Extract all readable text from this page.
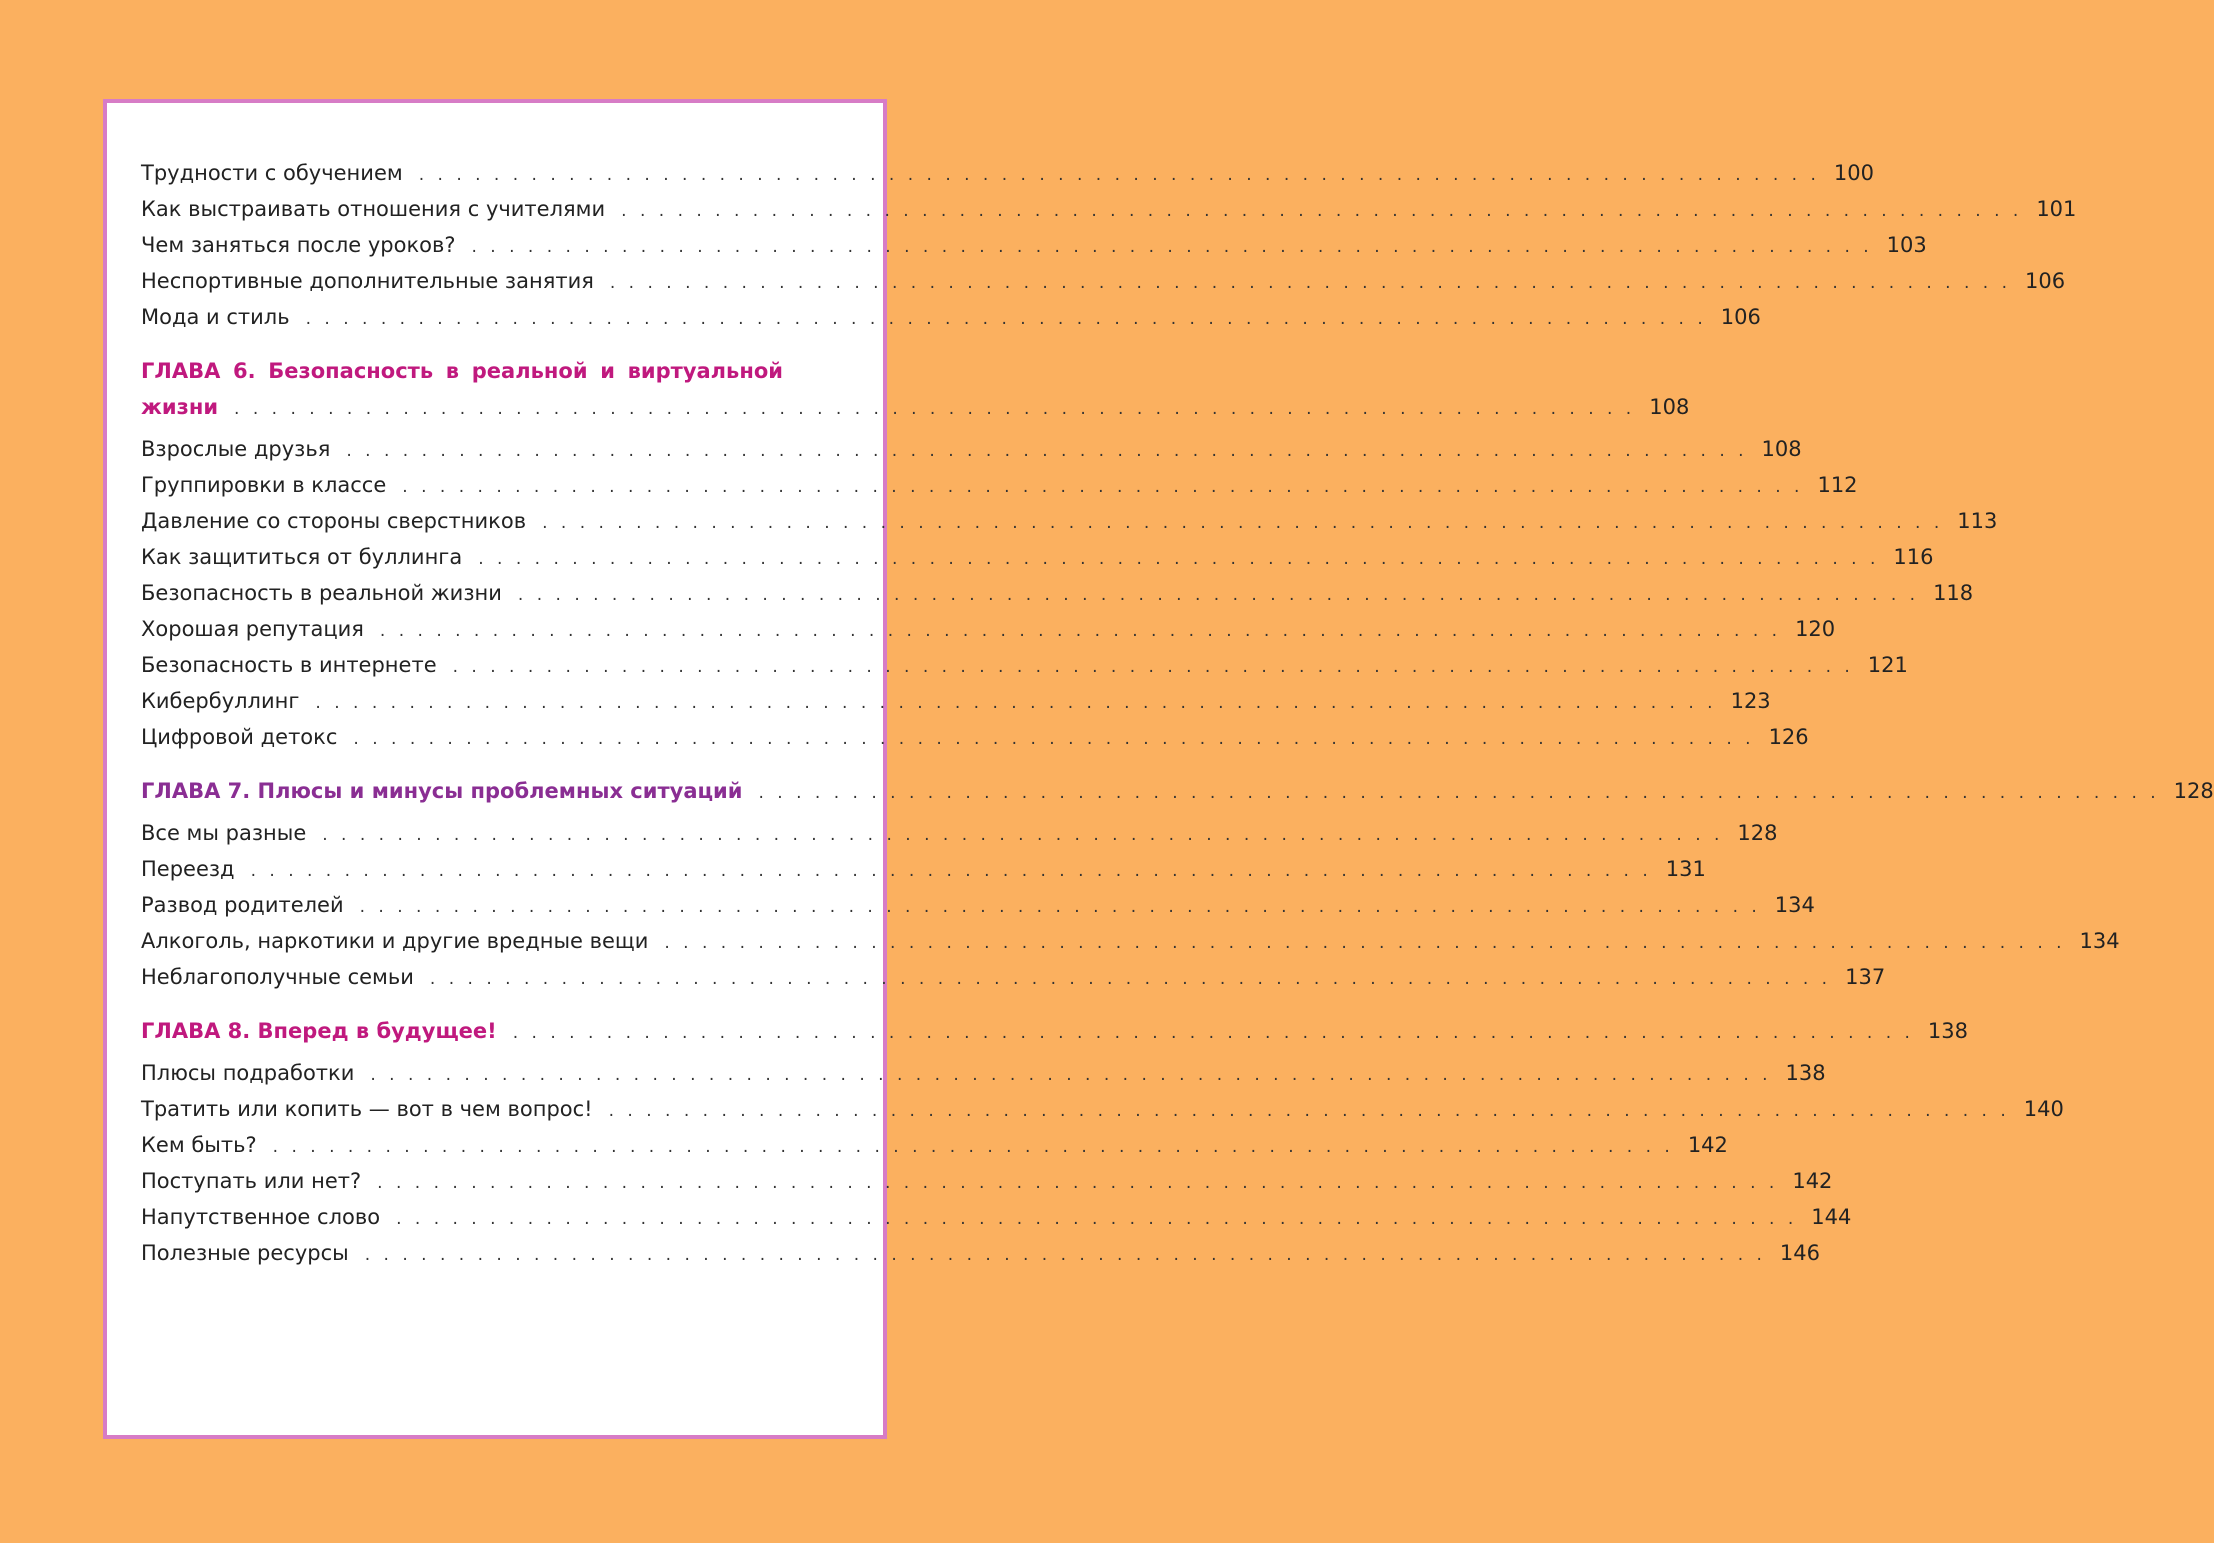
Трудности с обучением . . . . . . . . . . . . . . . . . . . . . . . . . . . . . . . . . . . . . . . . . . . . . . . . . . . . . . . . . . . . . . . . . . . . . . . . . . . 100
Как выстраивать отношения с учителями . . . . . . . . . . . . . . . . . . . . . . . . . . . . . . . . . . . . . . . . . . . . . . . . . . . . . . . . . . . . . . . . . . . . . . . . . . . 101
Чем заняться после уроков? . . . . . . . . . . . . . . . . . . . . . . . . . . . . . . . . . . . . . . . . . . . . . . . . . . . . . . . . . . . . . . . . . . . . . . . . . . . 103
Неспортивные дополнительные занятия . . . . . . . . . . . . . . . . . . . . . . . . . . . . . . . . . . . . . . . . . . . . . . . . . . . . . . . . . . . . . . . . . . . . . . . . . . . 106
Мода и стиль . . . . . . . . . . . . . . . . . . . . . . . . . . . . . . . . . . . . . . . . . . . . . . . . . . . . . . . . . . . . . . . . . . . . . . . . . . . 106
ГЛАВА 6. Безопасность в реальной и виртуальной
жизни . . . . . . . . . . . . . . . . . . . . . . . . . . . . . . . . . . . . . . . . . . . . . . . . . . . . . . . . . . . . . . . . . . . . . . . . . . . 108
Взрослые друзья . . . . . . . . . . . . . . . . . . . . . . . . . . . . . . . . . . . . . . . . . . . . . . . . . . . . . . . . . . . . . . . . . . . . . . . . . . . 108
Группировки в классе . . . . . . . . . . . . . . . . . . . . . . . . . . . . . . . . . . . . . . . . . . . . . . . . . . . . . . . . . . . . . . . . . . . . . . . . . . . 112
Давление со стороны сверстников . . . . . . . . . . . . . . . . . . . . . . . . . . . . . . . . . . . . . . . . . . . . . . . . . . . . . . . . . . . . . . . . . . . . . . . . . . . 113
Как защититься от буллинга . . . . . . . . . . . . . . . . . . . . . . . . . . . . . . . . . . . . . . . . . . . . . . . . . . . . . . . . . . . . . . . . . . . . . . . . . . . 116
Безопасность в реальной жизни . . . . . . . . . . . . . . . . . . . . . . . . . . . . . . . . . . . . . . . . . . . . . . . . . . . . . . . . . . . . . . . . . . . . . . . . . . . 118
Хорошая репутация . . . . . . . . . . . . . . . . . . . . . . . . . . . . . . . . . . . . . . . . . . . . . . . . . . . . . . . . . . . . . . . . . . . . . . . . . . . 120
Безопасность в интернете . . . . . . . . . . . . . . . . . . . . . . . . . . . . . . . . . . . . . . . . . . . . . . . . . . . . . . . . . . . . . . . . . . . . . . . . . . . 121
Кибербуллинг . . . . . . . . . . . . . . . . . . . . . . . . . . . . . . . . . . . . . . . . . . . . . . . . . . . . . . . . . . . . . . . . . . . . . . . . . . . 123
Цифровой детокс . . . . . . . . . . . . . . . . . . . . . . . . . . . . . . . . . . . . . . . . . . . . . . . . . . . . . . . . . . . . . . . . . . . . . . . . . . . 126
ГЛАВА 7. Плюсы и минусы проблемных ситуаций . . . . . . . . . . . . . . . . . . . . . . . . . . . . . . . . . . . . . . . . . . . . . . . . . . . . . . . . . . . . . . . . . . . . . . . . . . . 128
Все мы разные . . . . . . . . . . . . . . . . . . . . . . . . . . . . . . . . . . . . . . . . . . . . . . . . . . . . . . . . . . . . . . . . . . . . . . . . . . . 128
Переезд . . . . . . . . . . . . . . . . . . . . . . . . . . . . . . . . . . . . . . . . . . . . . . . . . . . . . . . . . . . . . . . . . . . . . . . . . . . 131
Развод родителей . . . . . . . . . . . . . . . . . . . . . . . . . . . . . . . . . . . . . . . . . . . . . . . . . . . . . . . . . . . . . . . . . . . . . . . . . . . 134
Алкоголь, наркотики и другие вредные вещи . . . . . . . . . . . . . . . . . . . . . . . . . . . . . . . . . . . . . . . . . . . . . . . . . . . . . . . . . . . . . . . . . . . . . . . . . . . 134
Неблагополучные семьи . . . . . . . . . . . . . . . . . . . . . . . . . . . . . . . . . . . . . . . . . . . . . . . . . . . . . . . . . . . . . . . . . . . . . . . . . . . 137
ГЛАВА 8. Вперед в будущее! . . . . . . . . . . . . . . . . . . . . . . . . . . . . . . . . . . . . . . . . . . . . . . . . . . . . . . . . . . . . . . . . . . . . . . . . . . . 138
Плюсы подработки . . . . . . . . . . . . . . . . . . . . . . . . . . . . . . . . . . . . . . . . . . . . . . . . . . . . . . . . . . . . . . . . . . . . . . . . . . . 138
Тратить или копить — вот в чем вопрос! . . . . . . . . . . . . . . . . . . . . . . . . . . . . . . . . . . . . . . . . . . . . . . . . . . . . . . . . . . . . . . . . . . . . . . . . . . . 140
Кем быть? . . . . . . . . . . . . . . . . . . . . . . . . . . . . . . . . . . . . . . . . . . . . . . . . . . . . . . . . . . . . . . . . . . . . . . . . . . . 142
Поступать или нет? . . . . . . . . . . . . . . . . . . . . . . . . . . . . . . . . . . . . . . . . . . . . . . . . . . . . . . . . . . . . . . . . . . . . . . . . . . . 142
Напутственное слово . . . . . . . . . . . . . . . . . . . . . . . . . . . . . . . . . . . . . . . . . . . . . . . . . . . . . . . . . . . . . . . . . . . . . . . . . . . 144
Полезные ресурсы . . . . . . . . . . . . . . . . . . . . . . . . . . . . . . . . . . . . . . . . . . . . . . . . . . . . . . . . . . . . . . . . . . . . . . . . . . . 146
